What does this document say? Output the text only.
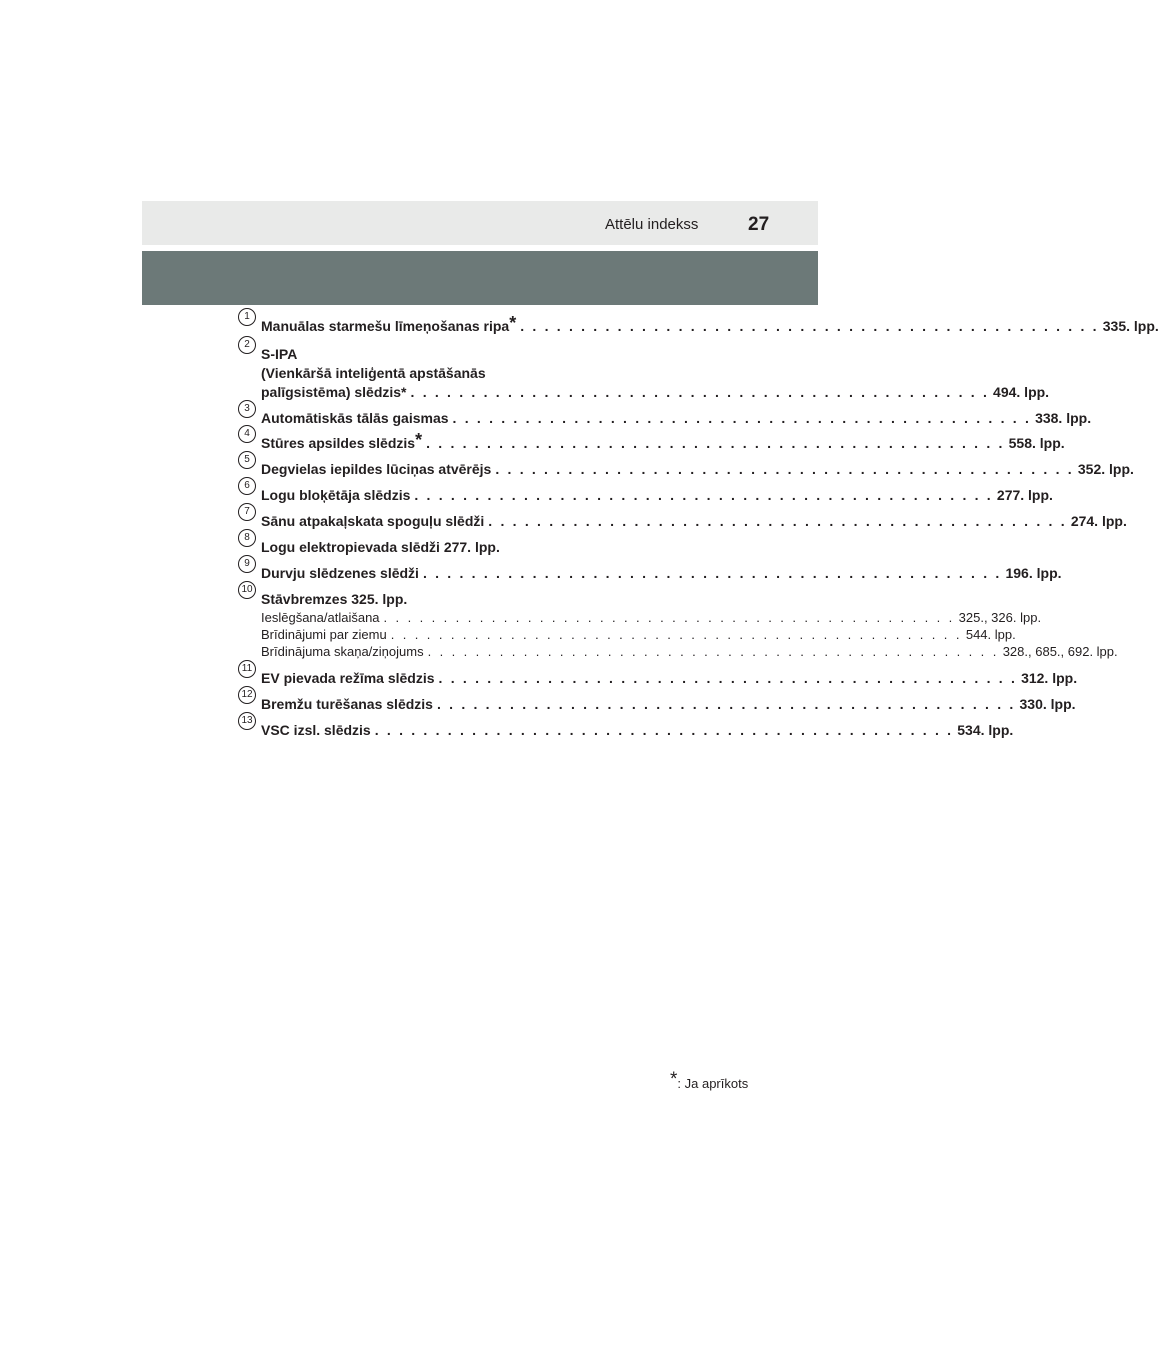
Attēlu indekss	27
1
Manuālas starmešu līmeņošanas ripa* . . . . . . . . . . . . . . . . . . . . . . . . . . . . . . . . . . . . . . . . . . . . . . . . 335. lpp.
2
S-IPA
(Vienkāršā inteliģentā apstāšanās
palīgsistēma) slēdzis* . . . . . . . . . . . . . . . . . . . . . . . . . . . . . . . . . . . . . . . . . . . . . . . . 494. lpp.
3
Automātiskās tālās gaismas . . . . . . . . . . . . . . . . . . . . . . . . . . . . . . . . . . . . . . . . . . . . . . . . 338. lpp.
4
Stūres apsildes slēdzis* . . . . . . . . . . . . . . . . . . . . . . . . . . . . . . . . . . . . . . . . . . . . . . . . 558. lpp.
5
Degvielas iepildes lūciņas atvērējs . . . . . . . . . . . . . . . . . . . . . . . . . . . . . . . . . . . . . . . . . . . . . . . . 352. lpp.
6
Logu bloķētāja slēdzis . . . . . . . . . . . . . . . . . . . . . . . . . . . . . . . . . . . . . . . . . . . . . . . . 277. lpp.
7
Sānu atpakaļskata spoguļu slēdži . . . . . . . . . . . . . . . . . . . . . . . . . . . . . . . . . . . . . . . . . . . . . . . . 274. lpp.
8
Logu elektropievada slēdži 277. lpp.
9
Durvju slēdzenes slēdži . . . . . . . . . . . . . . . . . . . . . . . . . . . . . . . . . . . . . . . . . . . . . . . . 196. lpp.
10
Stāvbremzes 325. lpp.
Ieslēgšana/atlaišana . . . . . . . . . . . . . . . . . . . . . . . . . . . . . . . . . . . . . . . . . . . . . . . . 325., 326. lpp.
Brīdinājumi par ziemu . . . . . . . . . . . . . . . . . . . . . . . . . . . . . . . . . . . . . . . . . . . . . . . . 544. lpp.
Brīdinājuma skaņa/ziņojums . . . . . . . . . . . . . . . . . . . . . . . . . . . . . . . . . . . . . . . . . . . . . . . . 328., 685., 692. lpp.
11
EV pievada režīma slēdzis . . . . . . . . . . . . . . . . . . . . . . . . . . . . . . . . . . . . . . . . . . . . . . . . 312. lpp.
12
Bremžu turēšanas slēdzis . . . . . . . . . . . . . . . . . . . . . . . . . . . . . . . . . . . . . . . . . . . . . . . . 330. lpp.
13
VSC izsl. slēdzis . . . . . . . . . . . . . . . . . . . . . . . . . . . . . . . . . . . . . . . . . . . . . . . . 534. lpp.
*: Ja aprīkots
